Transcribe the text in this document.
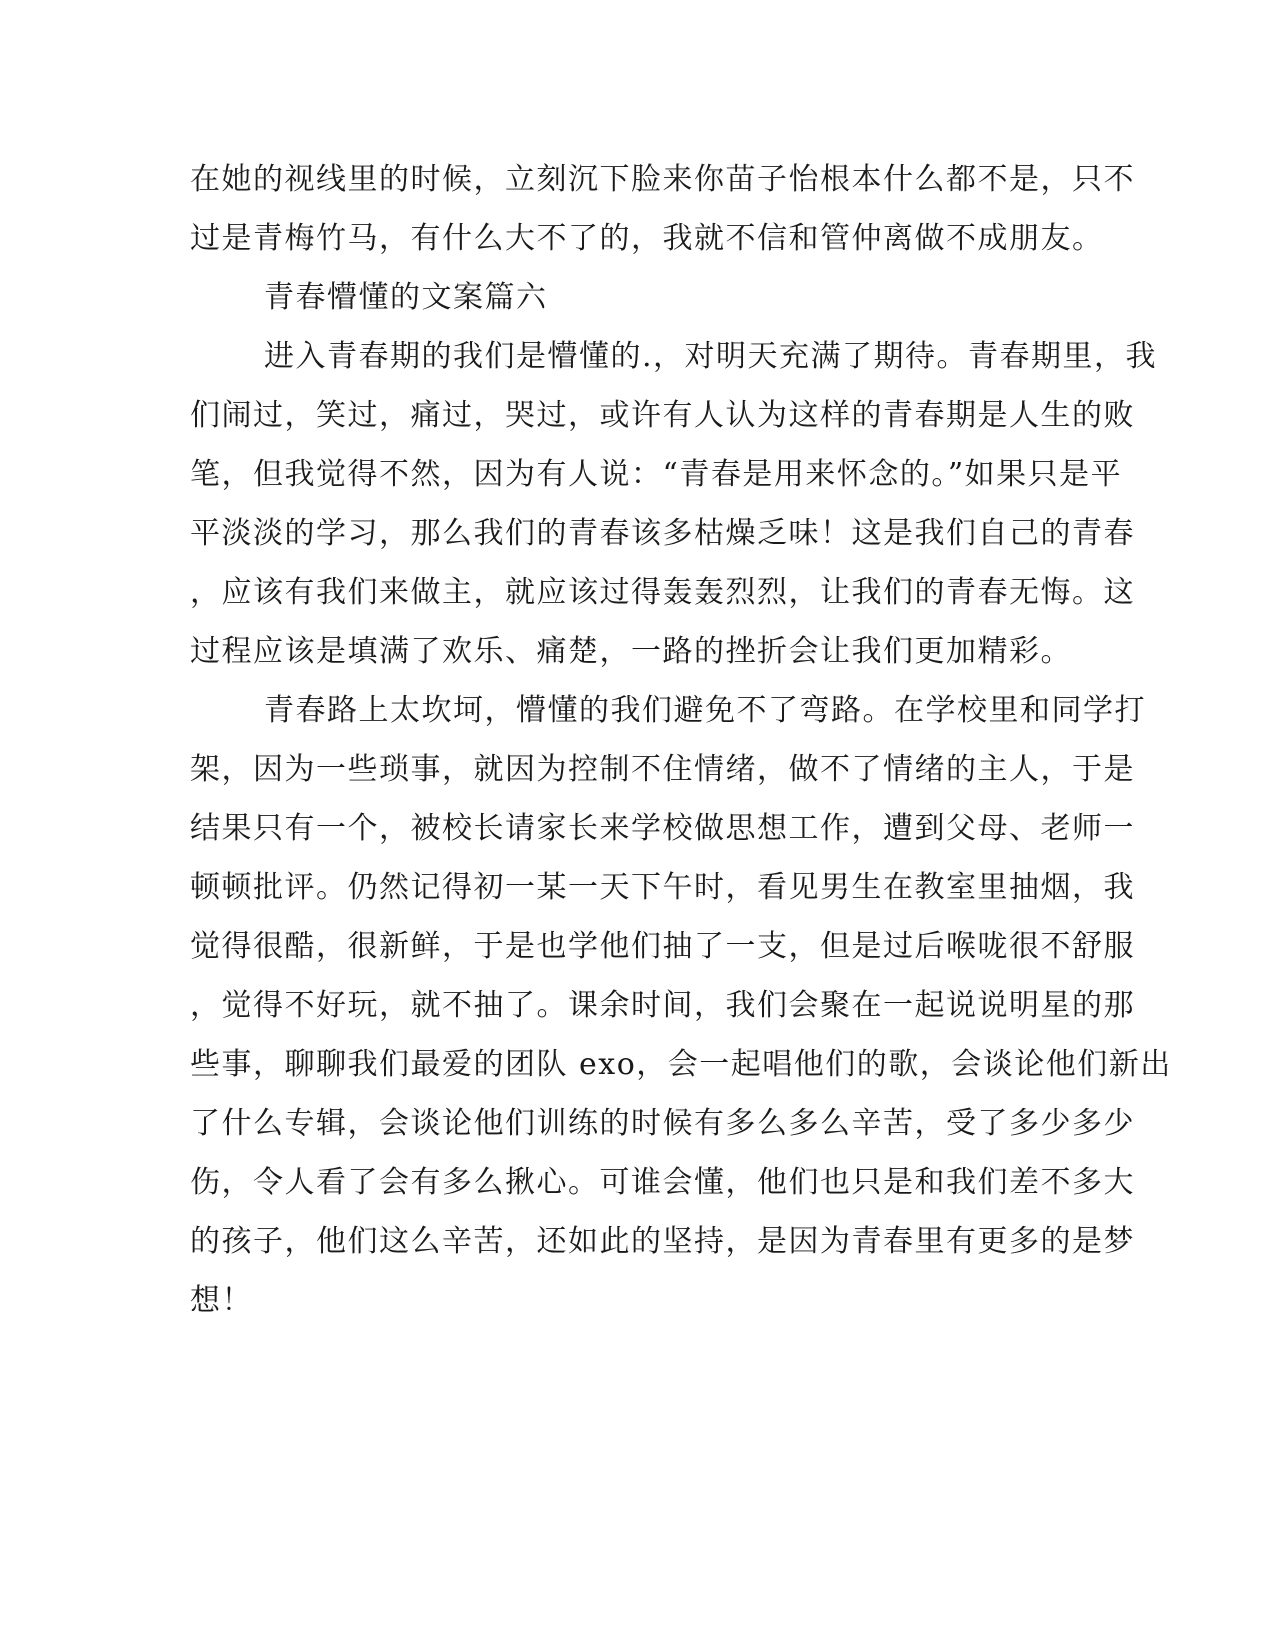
在她的视线里的时候，立刻沉下脸来你苗子怡根本什么都不是，只不
过是青梅竹马，有什么大不了的，我就不信和管仲离做不成朋友。
青春懵懂的文案篇六
进入青春期的我们是懵懂的.，对明天充满了期待。青春期里，我
们闹过，笑过，痛过，哭过，或许有人认为这样的青春期是人生的败
笔，但我觉得不然，因为有人说：“青春是用来怀念的。”如果只是平
平淡淡的学习，那么我们的青春该多枯燥乏味！这是我们自己的青春
，应该有我们来做主，就应该过得轰轰烈烈，让我们的青春无悔。这
过程应该是填满了欢乐、痛楚，一路的挫折会让我们更加精彩。
青春路上太坎坷，懵懂的我们避免不了弯路。在学校里和同学打
架，因为一些琐事，就因为控制不住情绪，做不了情绪的主人，于是
结果只有一个，被校长请家长来学校做思想工作，遭到父母、老师一
顿顿批评。仍然记得初一某一天下午时，看见男生在教室里抽烟，我
觉得很酷，很新鲜，于是也学他们抽了一支，但是过后喉咙很不舒服
，觉得不好玩，就不抽了。课余时间，我们会聚在一起说说明星的那
些事，聊聊我们最爱的团队 exo，会一起唱他们的歌，会谈论他们新出
了什么专辑，会谈论他们训练的时候有多么多么辛苦，受了多少多少
伤，令人看了会有多么揪心。可谁会懂，他们也只是和我们差不多大
的孩子，他们这么辛苦，还如此的坚持，是因为青春里有更多的是梦
想！
